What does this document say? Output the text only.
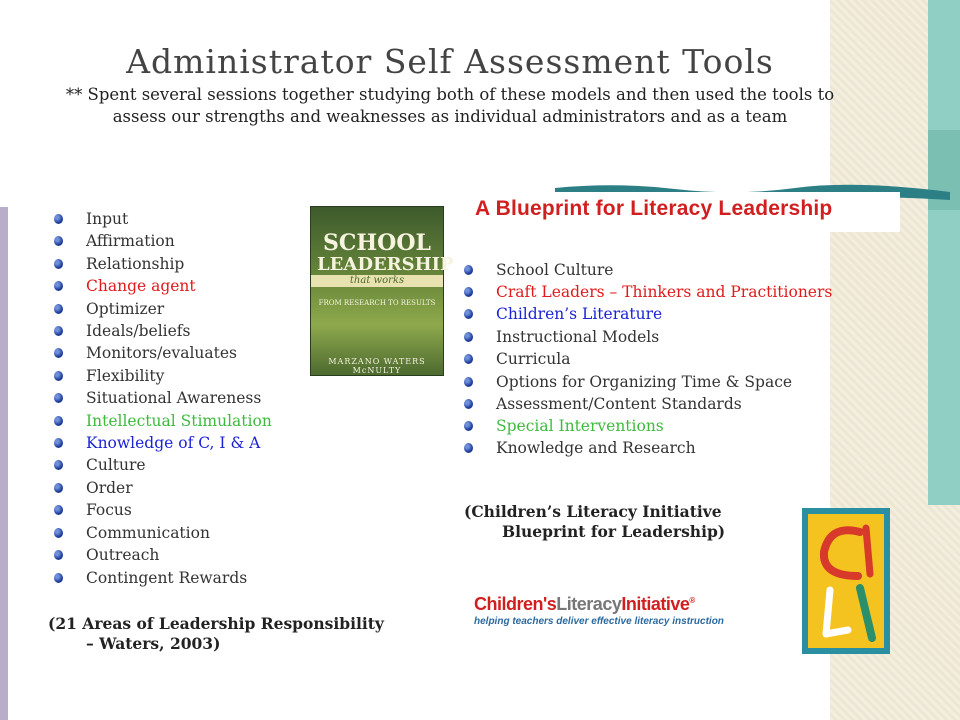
Administrator Self Assessment Tools
** Spent several sessions together studying both of these models and then used the tools to assess our strengths and weaknesses as individual administrators and as a team
Input
Affirmation
Relationship
Change agent
Optimizer
Ideals/beliefs
Monitors/evaluates
Flexibility
Situational Awareness
Intellectual Stimulation
Knowledge of C, I & A
Culture
Order
Focus
Communication
Outreach
Contingent Rewards
(21 Areas of Leadership Responsibility
– Waters, 2003)
SCHOOL
LEADERSHIP
that works
FROM RESEARCH TO RESULTS
MARZANO WATERS McNULTY
A Blueprint for Literacy Leadership
School Culture
Craft Leaders – Thinkers and Practitioners
Children’s Literature
Instructional Models
Curricula
Options for Organizing Time & Space
Assessment/Content Standards
Special Interventions
Knowledge and Research
(Children’s Literacy Initiative
Blueprint for Leadership)
Children'sLiteracyInitiative®
helping teachers deliver effective literacy instruction
